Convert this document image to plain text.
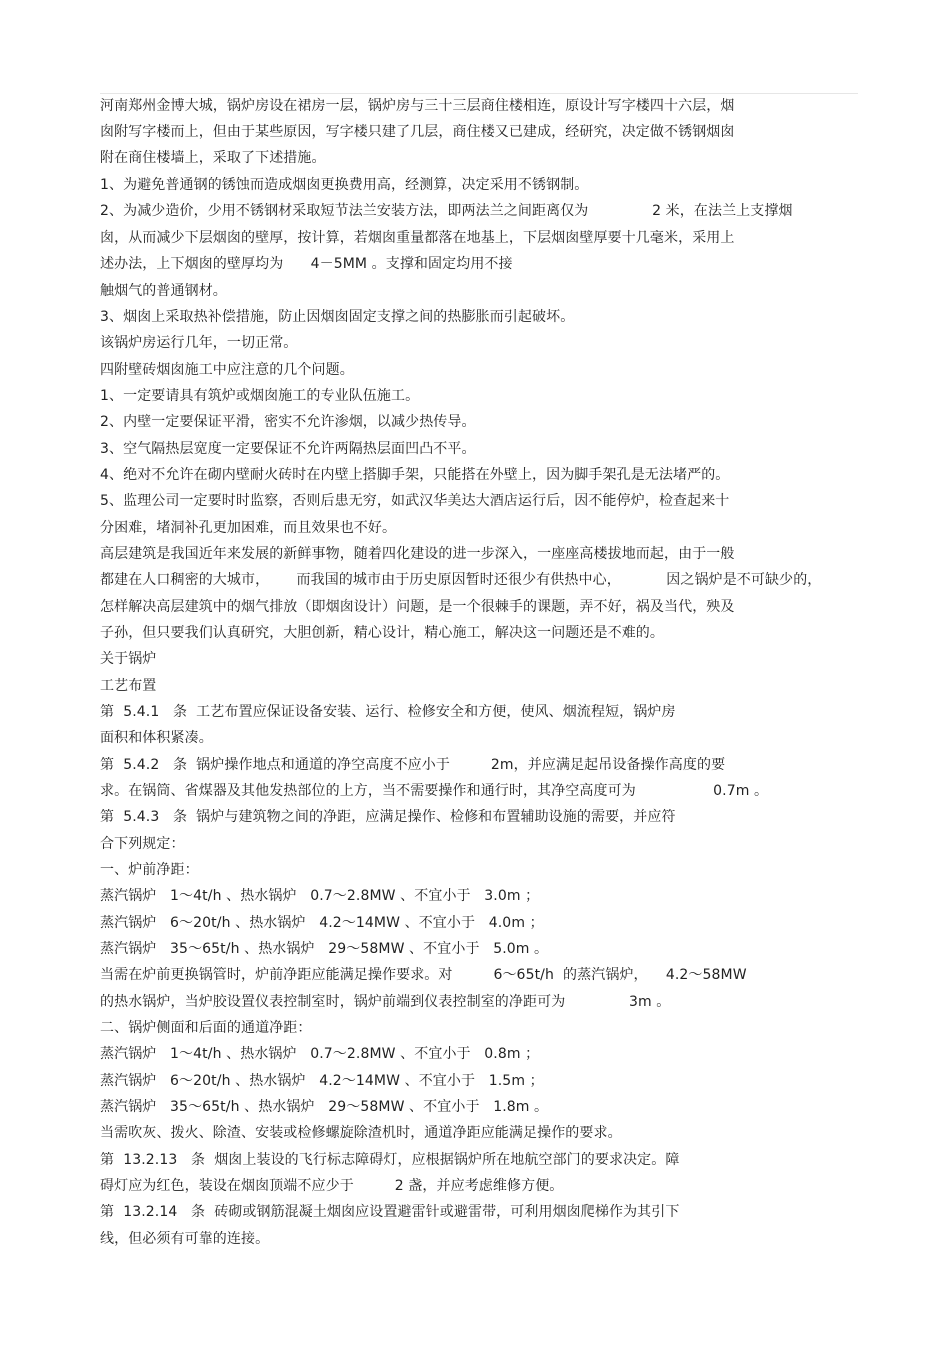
河南郑州金博大城，锅炉房设在裙房一层，锅炉房与三十三层商住楼相连，原设计写字楼四十六层，烟
囱附写字楼而上，但由于某些原因，写字楼只建了几层，商住楼又已建成，经研究，决定做不锈钢烟囱
附在商住楼墙上，采取了下述措施。
1、为避免普通钢的锈蚀而造成烟囱更换费用高，经测算，决定采用不锈钢制。
2、为减少造价，少用不锈钢材采取短节法兰安装方法，即两法兰之间距离仅为              2 米，在法兰上支撑烟
囱，从而减少下层烟囱的壁厚，按计算，若烟囱重量都落在地基上，下层烟囱壁厚要十几毫米，采用上
述办法，上下烟囱的壁厚均为      4－5MM 。支撑和固定均用不接
触烟气的普通钢材。
3、烟囱上采取热补偿措施，防止因烟囱固定支撑之间的热膨胀而引起破坏。
该锅炉房运行几年，一切正常。
四附壁砖烟囱施工中应注意的几个问题。
1、一定要请具有筑炉或烟囱施工的专业队伍施工。
2、内壁一定要保证平滑，密实不允许渗烟，以减少热传导。
3、空气隔热层宽度一定要保证不允许两隔热层面凹凸不平。
4、绝对不允许在砌内壁耐火砖时在内壁上搭脚手架，只能搭在外壁上，因为脚手架孔是无法堵严的。
5、监理公司一定要时时监察，否则后患无穷，如武汉华美达大酒店运行后，因不能停炉，检查起来十
分困难，堵洞补孔更加困难，而且效果也不好。
高层建筑是我国近年来发展的新鲜事物，随着四化建设的进一步深入，一座座高楼拔地而起，由于一般
都建在人口稠密的大城市，      而我国的城市由于历史原因暂时还很少有供热中心，          因之锅炉是不可缺少的，
怎样解决高层建筑中的烟气排放（即烟囱设计）问题，是一个很棘手的课题，弄不好，祸及当代，殃及
子孙，但只要我们认真研究，大胆创新，精心设计，精心施工，解决这一问题还是不难的。
关于锅炉
工艺布置
第  5.4.1   条  工艺布置应保证设备安装、运行、检修安全和方便，使风、烟流程短，锅炉房
面积和体积紧凑。
第  5.4.2   条  锅炉操作地点和通道的净空高度不应小于         2m，并应满足起吊设备操作高度的要
求。在锅筒、省煤器及其他发热部位的上方，当不需要操作和通行时，其净空高度可为                 0.7m 。
第  5.4.3   条  锅炉与建筑物之间的净距，应满足操作、检修和布置辅助设施的需要，并应符
合下列规定：
一、炉前净距：
蒸汽锅炉   1～4t/h 、热水锅炉   0.7～2.8MW 、不宜小于   3.0m ；
蒸汽锅炉   6～20t/h 、热水锅炉   4.2～14MW 、不宜小于   4.0m ；
蒸汽锅炉   35～65t/h 、热水锅炉   29～58MW 、不宜小于   5.0m 。
当需在炉前更换锅管时，炉前净距应能满足操作要求。对         6～65t/h  的蒸汽锅炉，    4.2～58MW
的热水锅炉，当炉胶设置仪表控制室时，锅炉前端到仪表控制室的净距可为              3m 。
二、锅炉侧面和后面的通道净距：
蒸汽锅炉   1～4t/h 、热水锅炉   0.7～2.8MW 、不宜小于   0.8m ；
蒸汽锅炉   6～20t/h 、热水锅炉   4.2～14MW 、不宜小于   1.5m ；
蒸汽锅炉   35～65t/h 、热水锅炉   29～58MW 、不宜小于   1.8m 。
当需吹灰、拨火、除渣、安装或检修螺旋除渣机时，通道净距应能满足操作的要求。
第  13.2.13   条  烟囱上装设的飞行标志障碍灯，应根据锅炉所在地航空部门的要求决定。障
碍灯应为红色，装设在烟囱顶端不应少于         2 盏，并应考虑维修方便。
第  13.2.14   条  砖砌或钢筋混凝土烟囱应设置避雷针或避雷带，可利用烟囱爬梯作为其引下
线，但必须有可靠的连接。
